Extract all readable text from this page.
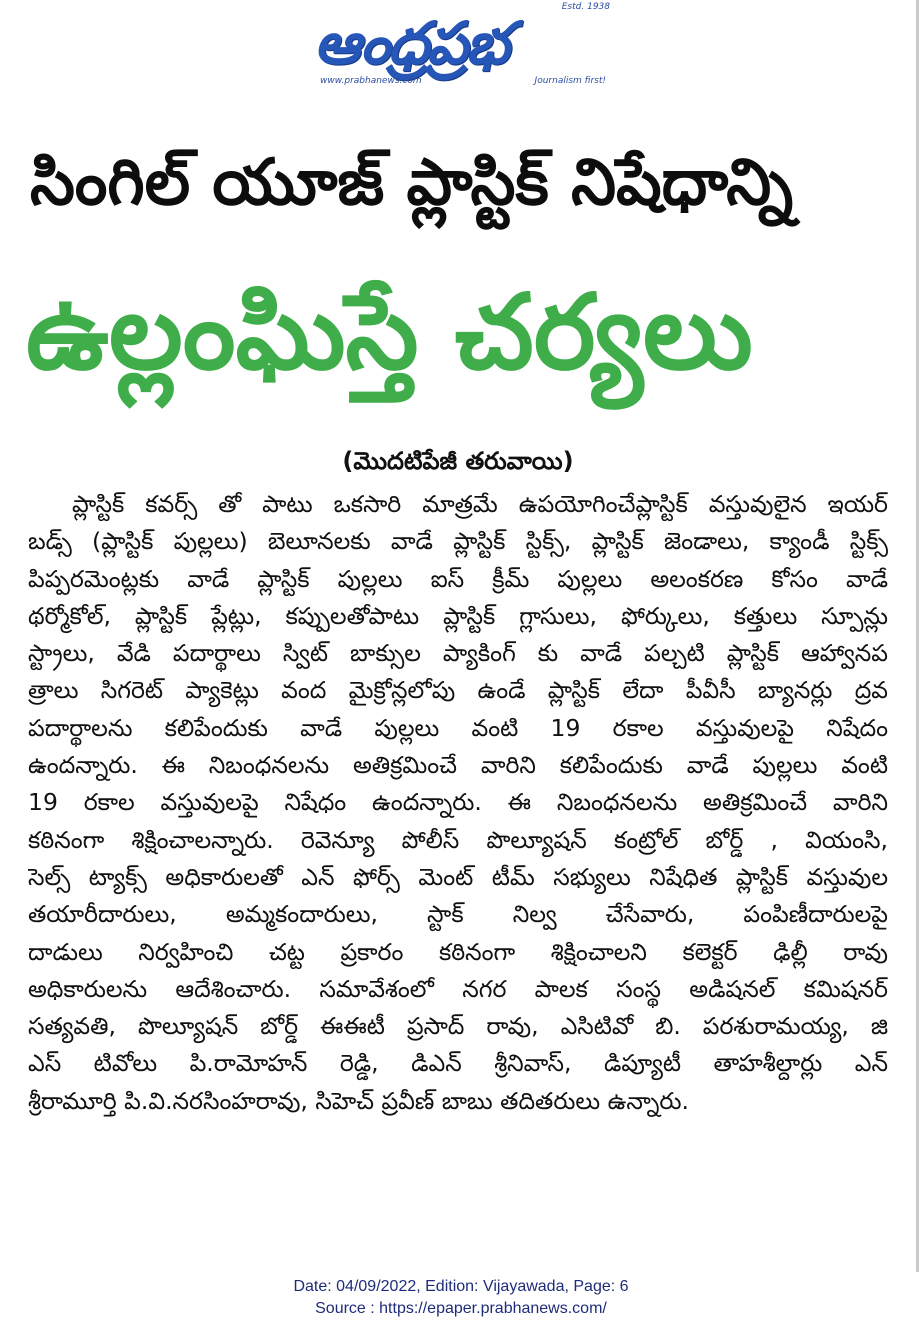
Estd. 1938
ఆంధ్రప్రభ
www.prabhanews.com	Journalism first!
సింగిల్ యూజ్ ప్లాస్టిక్ నిషేధాన్ని
ఉల్లంఘిస్తే చర్యలు
(మొదటిపేజీ తరువాయి)
ప్లాస్టిక్ కవర్స్ తో పాటు ఒకసారి మాత్రమే ఉపయోగించేప్లాస్టిక్ వస్తువులైన ఇయర్
బడ్స్ (ప్లాస్టిక్ పుల్లలు) బెలూనలకు వాడే ప్లాస్టిక్ స్టిక్స్, ప్లాస్టిక్ జెండాలు, క్యాండీ స్టిక్స్
పిప్పరమెంట్లకు వాడే ప్లాస్టిక్ పుల్లలు ఐస్ క్రీమ్ పుల్లలు అలంకరణ కోసం వాడే
థర్మోకోల్, ప్లాస్టిక్ ప్లేట్లు, కప్పులతోపాటు ప్లాస్టిక్ గ్లాసులు, ఫోర్కులు, కత్తులు స్పూన్లు
స్ట్రాలు, వేడి పదార్థాలు స్విట్ బాక్సుల ప్యాకింగ్ కు వాడే పల్చటి ప్లాస్టిక్ ఆహ్వానప
త్రాలు సిగరెట్ ప్యాకెట్లు వంద మైక్రోన్లలోపు ఉండే ప్లాస్టిక్ లేదా పీవీసీ బ్యానర్లు ద్రవ
పదార్థాలను కలిపేందుకు వాడే పుల్లలు వంటి 19 రకాల వస్తువులపై నిషేదం
ఉందన్నారు. ఈ నిబంధనలను అతిక్రమించే వారిని కలిపేందుకు వాడే పుల్లలు వంటి
19 రకాల వస్తువులపై నిషేధం ఉందన్నారు. ఈ నిబంధనలను అతిక్రమించే వారిని
కఠినంగా శిక్షించాలన్నారు. రెవెన్యూ పోలీస్ పొల్యూషన్ కంట్రోల్ బోర్డ్ , వియంసి,
సెల్స్ ట్యాక్స్ అధికారులతో ఎన్ ఫోర్స్ మెంట్ టీమ్ సభ్యులు నిషేధిత ప్లాస్టిక్ వస్తువుల
తయారీదారులు, అమ్మకందారులు, స్టాక్ నిల్వ చేసేవారు, పంపిణీదారులపై
దాడులు నిర్వహించి చట్ట ప్రకారం కఠినంగా శిక్షించాలని కలెక్టర్ ఢిల్లీ రావు
అధికారులను ఆదేశించారు. సమావేశంలో నగర పాలక సంస్థ అడిషనల్ కమిషనర్
సత్యవతి, పొల్యూషన్ బోర్డ్ ఈఈటీ ప్రసాద్ రావు, ఎసిటివో బి. పరశురామయ్య, జి
ఎస్ టివోలు పి.రామోహన్ రెడ్డి, డిఎన్ శ్రీనివాస్, డిప్యూటీ తాహశీల్దార్లు ఎన్
శ్రీరామూర్తి పి.వి.నరసింహరావు, సిహెచ్ ప్రవీణ్ బాబు తదితరులు ఉన్నారు.
Date: 04/09/2022, Edition: Vijayawada, Page: 6
Source : https://epaper.prabhanews.com/
